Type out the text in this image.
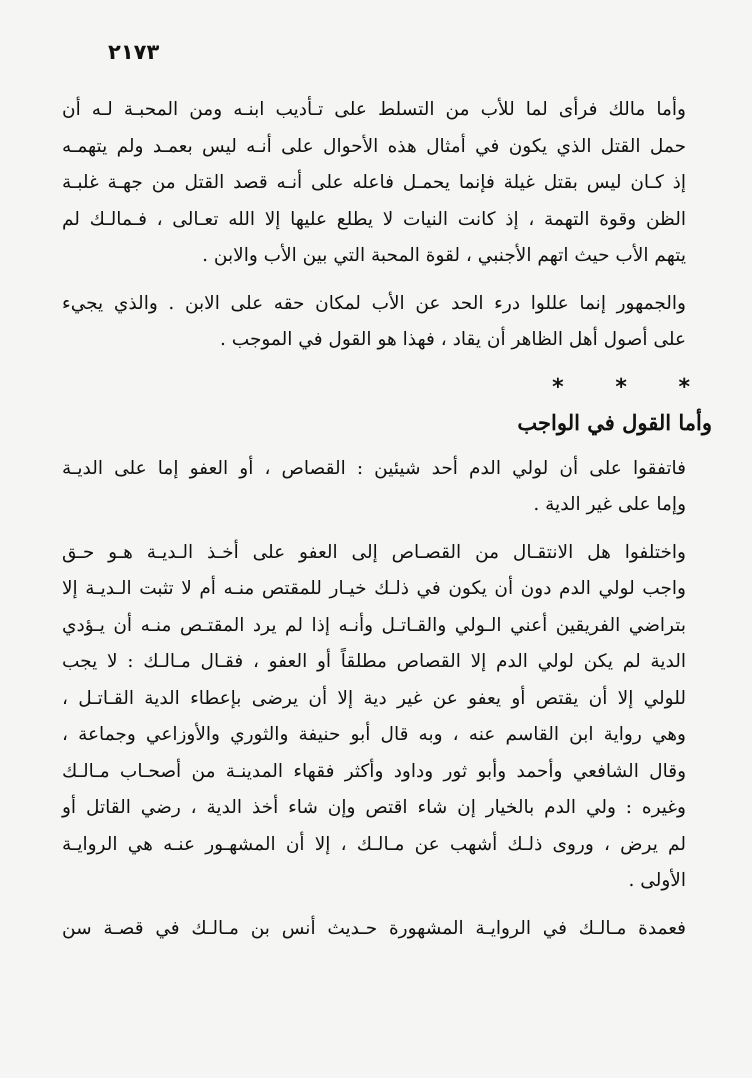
٢١٧٣
وأما مالك فرأى لما للأب من التسلط على تـأديب ابنـه ومن المحبـة لـه أن
حمل القتل الذي يكون في أمثال هذه الأحوال على أنـه ليس بعمـد ولم يتهمـه
إذ كـان ليس بقتل غيلة فإنما يحمـل فاعله على أنـه قصد القتل من جهـة غلبـة
الظن وقوة التهمة ، إذ كانت النيات لا يطلع عليها إلا الله تعـالى ، فـمالـك لم
يتهم الأب حيث اتهم الأجنبي ، لقوة المحبة التي بين الأب والابن .
والجمهور إنما عللوا درء الحد عن الأب لمكان حقه على الابن . والذي يجيء
على أصول أهل الظاهر أن يقاد ، فهذا هو القول في الموجب .
* * *
وأما القول في الواجب
فاتفقوا على أن لولي الدم أحد شيئين : القصاص ، أو العفو إما على الديـة
وإما على غير الدية .
واختلفوا هل الانتقـال من القصـاص إلى العفو على أخـذ الـديـة هـو حـق
واجب لولي الدم دون أن يكون في ذلـك خيـار للمقتص منـه أم لا تثبت الـديـة إلا
بتراضي الفريقين أعني الـولي والقـاتـل وأنـه إذا لم يرد المقتـص منـه أن يـؤدي
الدية لم يكن لولي الدم إلا القصاص مطلقاً أو العفو ، فقـال مـالـك : لا يجب
للولي إلا أن يقتص أو يعفو عن غير دية إلا أن يرضى بإعطاء الدية القـاتـل ،
وهي رواية ابن القاسم عنه ، وبه قال أبو حنيفة والثوري والأوزاعي وجماعة ،
وقال الشافعي وأحمد وأبو ثور وداود وأكثر فقهاء المدينـة من أصحـاب مـالـك
وغيره : ولي الدم بالخيار إن شاء اقتص وإن شاء أخذ الدية ، رضي القاتل أو
لم يرض ، وروى ذلـك أشهب عن مـالـك ، إلا أن المشهـور عنـه هي الروايـة
الأولى .
فعمدة مـالـك في الروايـة المشهورة حـديث أنس بن مـالـك في قصـة سن
